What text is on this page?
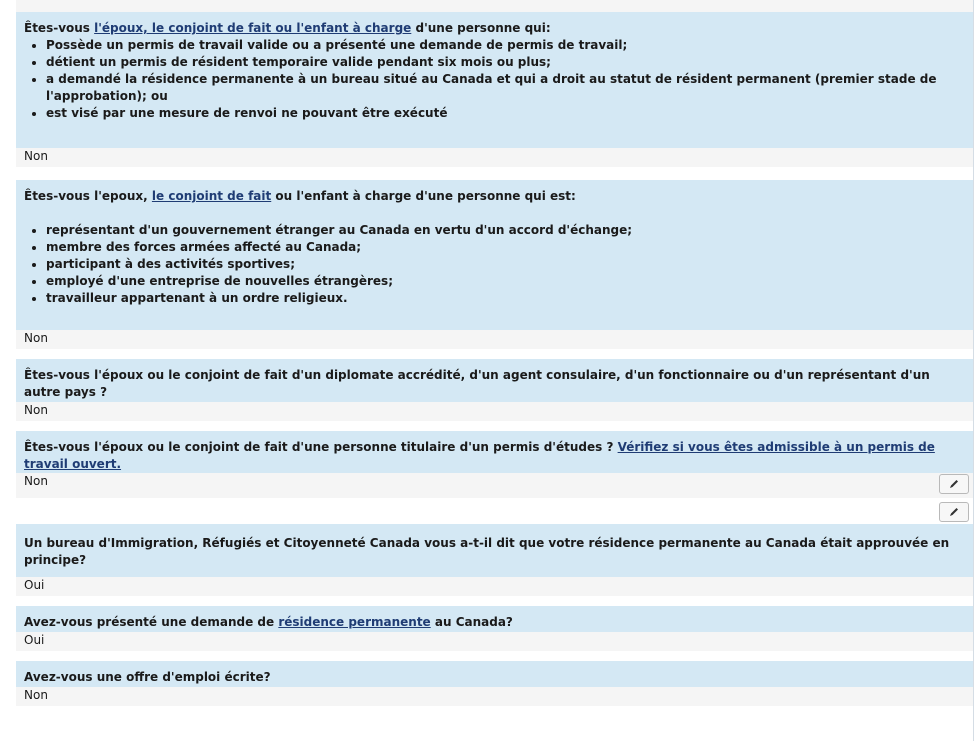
Êtes-vous l'époux, le conjoint de fait ou l'enfant à charge d'une personne qui:
• Possède un permis de travail valide ou a présenté une demande de permis de travail;
• détient un permis de résident temporaire valide pendant six mois ou plus;
• a demandé la résidence permanente à un bureau situé au Canada et qui a droit au statut de résident permanent (premier stade de l'approbation); ou
• est visé par une mesure de renvoi ne pouvant être exécuté
Non
Êtes-vous l'epoux, le conjoint de fait ou l'enfant à charge d'une personne qui est:
• représentant d'un gouvernement étranger au Canada en vertu d'un accord d'échange;
• membre des forces armées affecté au Canada;
• participant à des activités sportives;
• employé d'une entreprise de nouvelles étrangères;
• travailleur appartenant à un ordre religieux.
Non
Êtes-vous l'époux ou le conjoint de fait d'un diplomate accrédité, d'un agent consulaire, d'un fonctionnaire ou d'un représentant d'un autre pays ?
Non
Êtes-vous l'époux ou le conjoint de fait d'une personne titulaire d'un permis d'études ? Vérifiez si vous êtes admissible à un permis de travail ouvert.
Non
Un bureau d'Immigration, Réfugiés et Citoyenneté Canada vous a-t-il dit que votre résidence permanente au Canada était approuvée en principe?
Oui
Avez-vous présenté une demande de résidence permanente au Canada?
Oui
Avez-vous une offre d'emploi écrite?
Non
